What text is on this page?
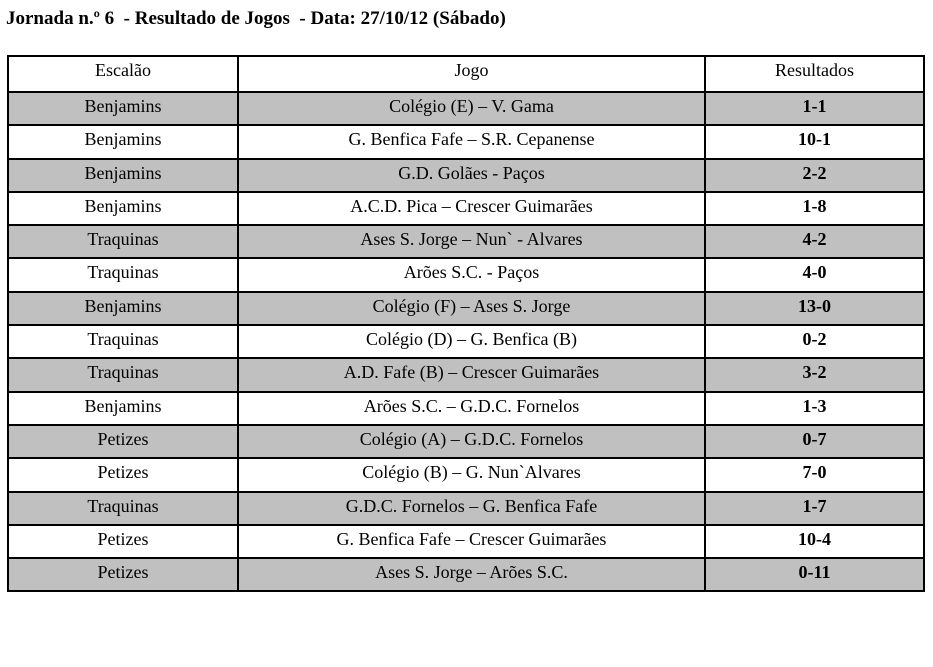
Jornada n.º 6  - Resultado de Jogos  - Data: 27/10/12 (Sábado)
Escalão	Jogo	Resultados
Benjamins	Colégio (E) – V. Gama	1-1
Benjamins	G. Benfica Fafe – S.R. Cepanense	10-1
Benjamins	G.D. Golães - Paços	2-2
Benjamins	A.C.D. Pica – Crescer Guimarães	1-8
Traquinas	Ases S. Jorge – Nun` - Alvares	4-2
Traquinas	Arões S.C. - Paços	4-0
Benjamins	Colégio (F) – Ases S. Jorge	13-0
Traquinas	Colégio (D) – G. Benfica (B)	0-2
Traquinas	A.D. Fafe (B) – Crescer Guimarães	3-2
Benjamins	Arões S.C. – G.D.C. Fornelos	1-3
Petizes	Colégio (A) – G.D.C. Fornelos	0-7
Petizes	Colégio (B) – G. Nun`Alvares	7-0
Traquinas	G.D.C. Fornelos – G. Benfica Fafe	1-7
Petizes	G. Benfica Fafe – Crescer Guimarães	10-4
Petizes	Ases S. Jorge – Arões S.C.	0-11
